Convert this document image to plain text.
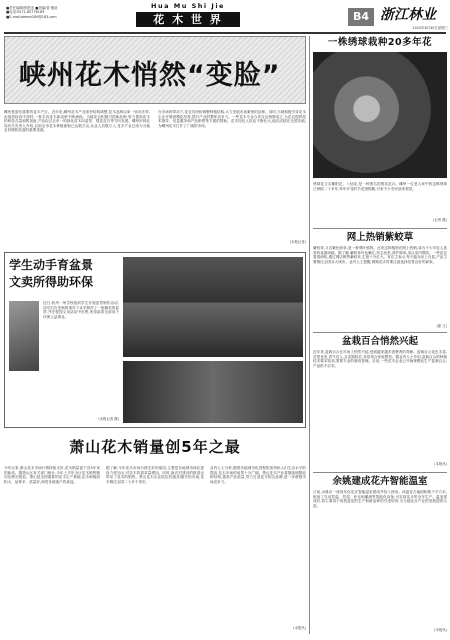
■责任编辑/张肥连 ■美编/曾 雅谊
■电话:0571-85776189
■E-mail:dewsh189@163.com
Hua Mu Shi Jie
花 木 世 界	B4 浙江林业
2010年6月30日星期三
峡州花木悄然“变脸”
嵊州是浙东重要的花木产区。近年来,嵊州花木产业加快结构调整,花木品种由单一转向多样,由低档转向中高档,一批名优花木新品种不断涌现。当地花农积极引进新品种,努力提高花木的科技含量和附加值,产品由过去单一的绿化苗木向盆景、观赏花卉等方向发展。嵊州市林业局有关负责人介绍,目前全市花木种植面积已达数万亩,从业人员数万人,花木产业已成为当地农民增收致富的重要渠道。
在市场的带动下,花农们纷纷调整种植结构,大力发展市场紧俏的品种。同时,当地积极引导花木企业开展规模化经营,提升产业的整体竞争力。一些花木专业合作社也相继成立,为花农提供技术指导、信息服务和产品销售等方面的帮助。花木经纪人队伍不断壮大,他们活跃在全国各地,为嵊州花木打开了广阔的市场。
(本报记者)
一株绣球栽种20多年花
绣球花又名紫阳花、八仙花,是一种著名的观赏花卉。嵊州一位老人家中的这株绣球已种植二十多年,每年开花时节花团锦簇,引来不少市民前来观赏。
(记者 摄)
网上热销紫蛟草
紫蛟草,又名紫色蛟草,是一种观叶植物。近来这种植物在网上热销,成为不少年轻人喜爱的桌面绿植。据了解,紫蛟草叶色紫红,形态优美,养护简单,适合室内摆放。一些花农看准商机,通过网店销售紫蛟草,生意十分红火。有店主表示,每天能卖出上百盆,产品主要销往全国各大城市。业内人士提醒,网购花卉时要注意选择信誉良好的商家。
(浙 文)
盆栽百合悄然兴起
近年来,盆栽百合在市场上悄然兴起,受到越来越多消费者的青睐。盆栽百合花色丰富,花型优美,香气宜人,且花期较长,非常适合家庭摆放。据业内人士介绍,盆栽百合的种植技术要求较高,需要专业的栽培管理。目前,一些花木企业已开始规模化生产盆栽百合,产品供不应求。
(本报讯)
余姚建成花卉智能温室
日前,余姚市一座现代化花卉智能温室建成并投入使用。该温室占地面积数千平方米,配备了自动控温、控湿、补光和灌溉等智能化设备,可实现花卉的全年生产。温室建成后,将主要用于高档盆花的生产和新品种的引进培育,为当地花卉产业的发展提供示范。
(本报讯)
学生动手育盆景
文卖所得助环保
近日,杭州一所学校组织学生开展盆景制作活动,同学们在老师的指导下亲手制作了一批精美的盆景,并在校园义卖活动中出售,所得款项全部用于环保公益事业。
(本报记者 摄)
萧山花木销量创5年之最
今年以来,萧山花木市场行情持续走好,花木销量创下近5年来的新高。据萧山区有关部门统计,今年上半年全区花木销售额同比增长明显。萧山是全国重要的花木生产基地,花木种植面积大、品种多、质量好,深受各地客户的欢迎。
据了解,今年花木市场行情走好的原因,主要是各地城市绿化建设力度加大,对苗木的需求量增加。同时,新农村建设的推进也带动了花木的销售。萧山花木企业抓住机遇,积极开拓市场,花木销往全国二十多个省市。
业内人士分析,随着各地城市化进程的加快和人们生活水平的提高,花木市场的前景十分广阔。萧山花木产业将继续调整品种结构,提高产品质量,努力打造花木知名品牌,进一步增强市场竞争力。
(本报讯)
